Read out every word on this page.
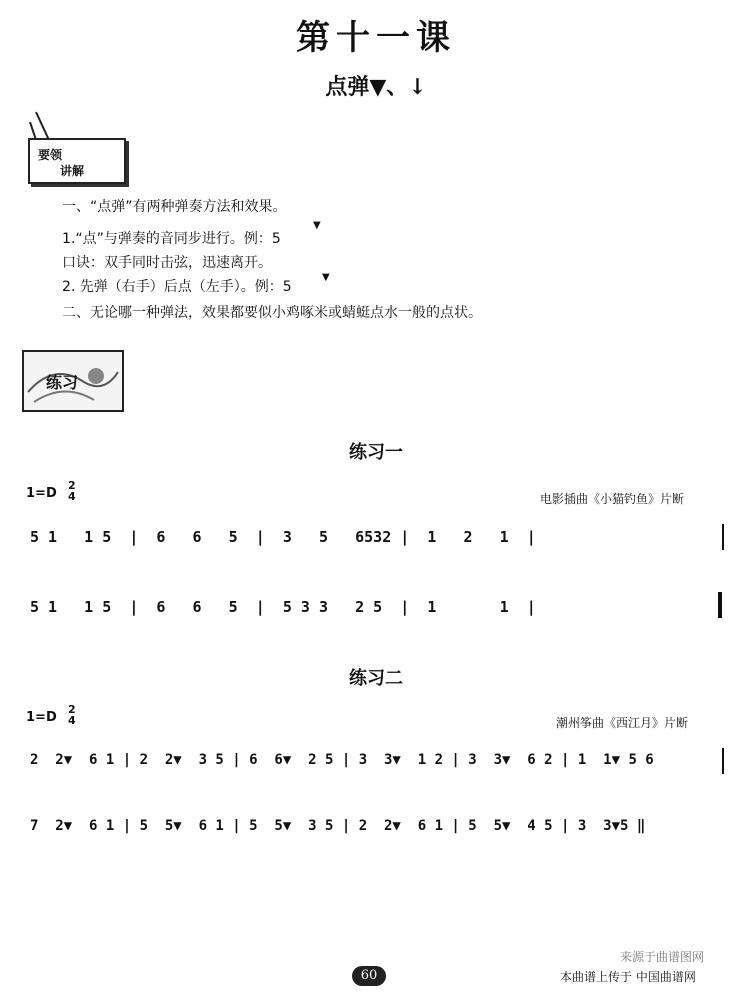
第十一课
点弹▼、↓
要领
讲解
一、“点弹”有两种弹奏方法和效果。
1.“点”与弹奏的音同步进行。例：5
▼
口诀：双手同时击弦，迅速离开。
2. 先弹（右手）后点（左手）。例：5
▼
二、无论哪一种弹法，效果都要似小鸡啄米或蜻蜓点水一般的点状。
练习
练习一
1=D
2
4	电影插曲《小猫钓鱼》片断
5 1   1 5  |  6   6   5  |  3   5   6532 |  1   2   1  |
5 1   1 5  |  6   6   5  |  5 3 3   2 5  |  1       1  |
练习二
1=D
2
4	潮州筝曲《西江月》片断
2  2▼  6 1 | 2  2▼  3 5 | 6  6▼  2 5 | 3  3▼  1 2 | 3  3▼  6 2 | 1  1▼ 5 6
7  2▼  6 1 | 5  5▼  6 1 | 5  5▼  3 5 | 2  2▼  6 1 | 5  5▼  4 5 | 3  3▼5 ‖
60
来源于曲谱图网
本曲谱上传于 中国曲谱网
